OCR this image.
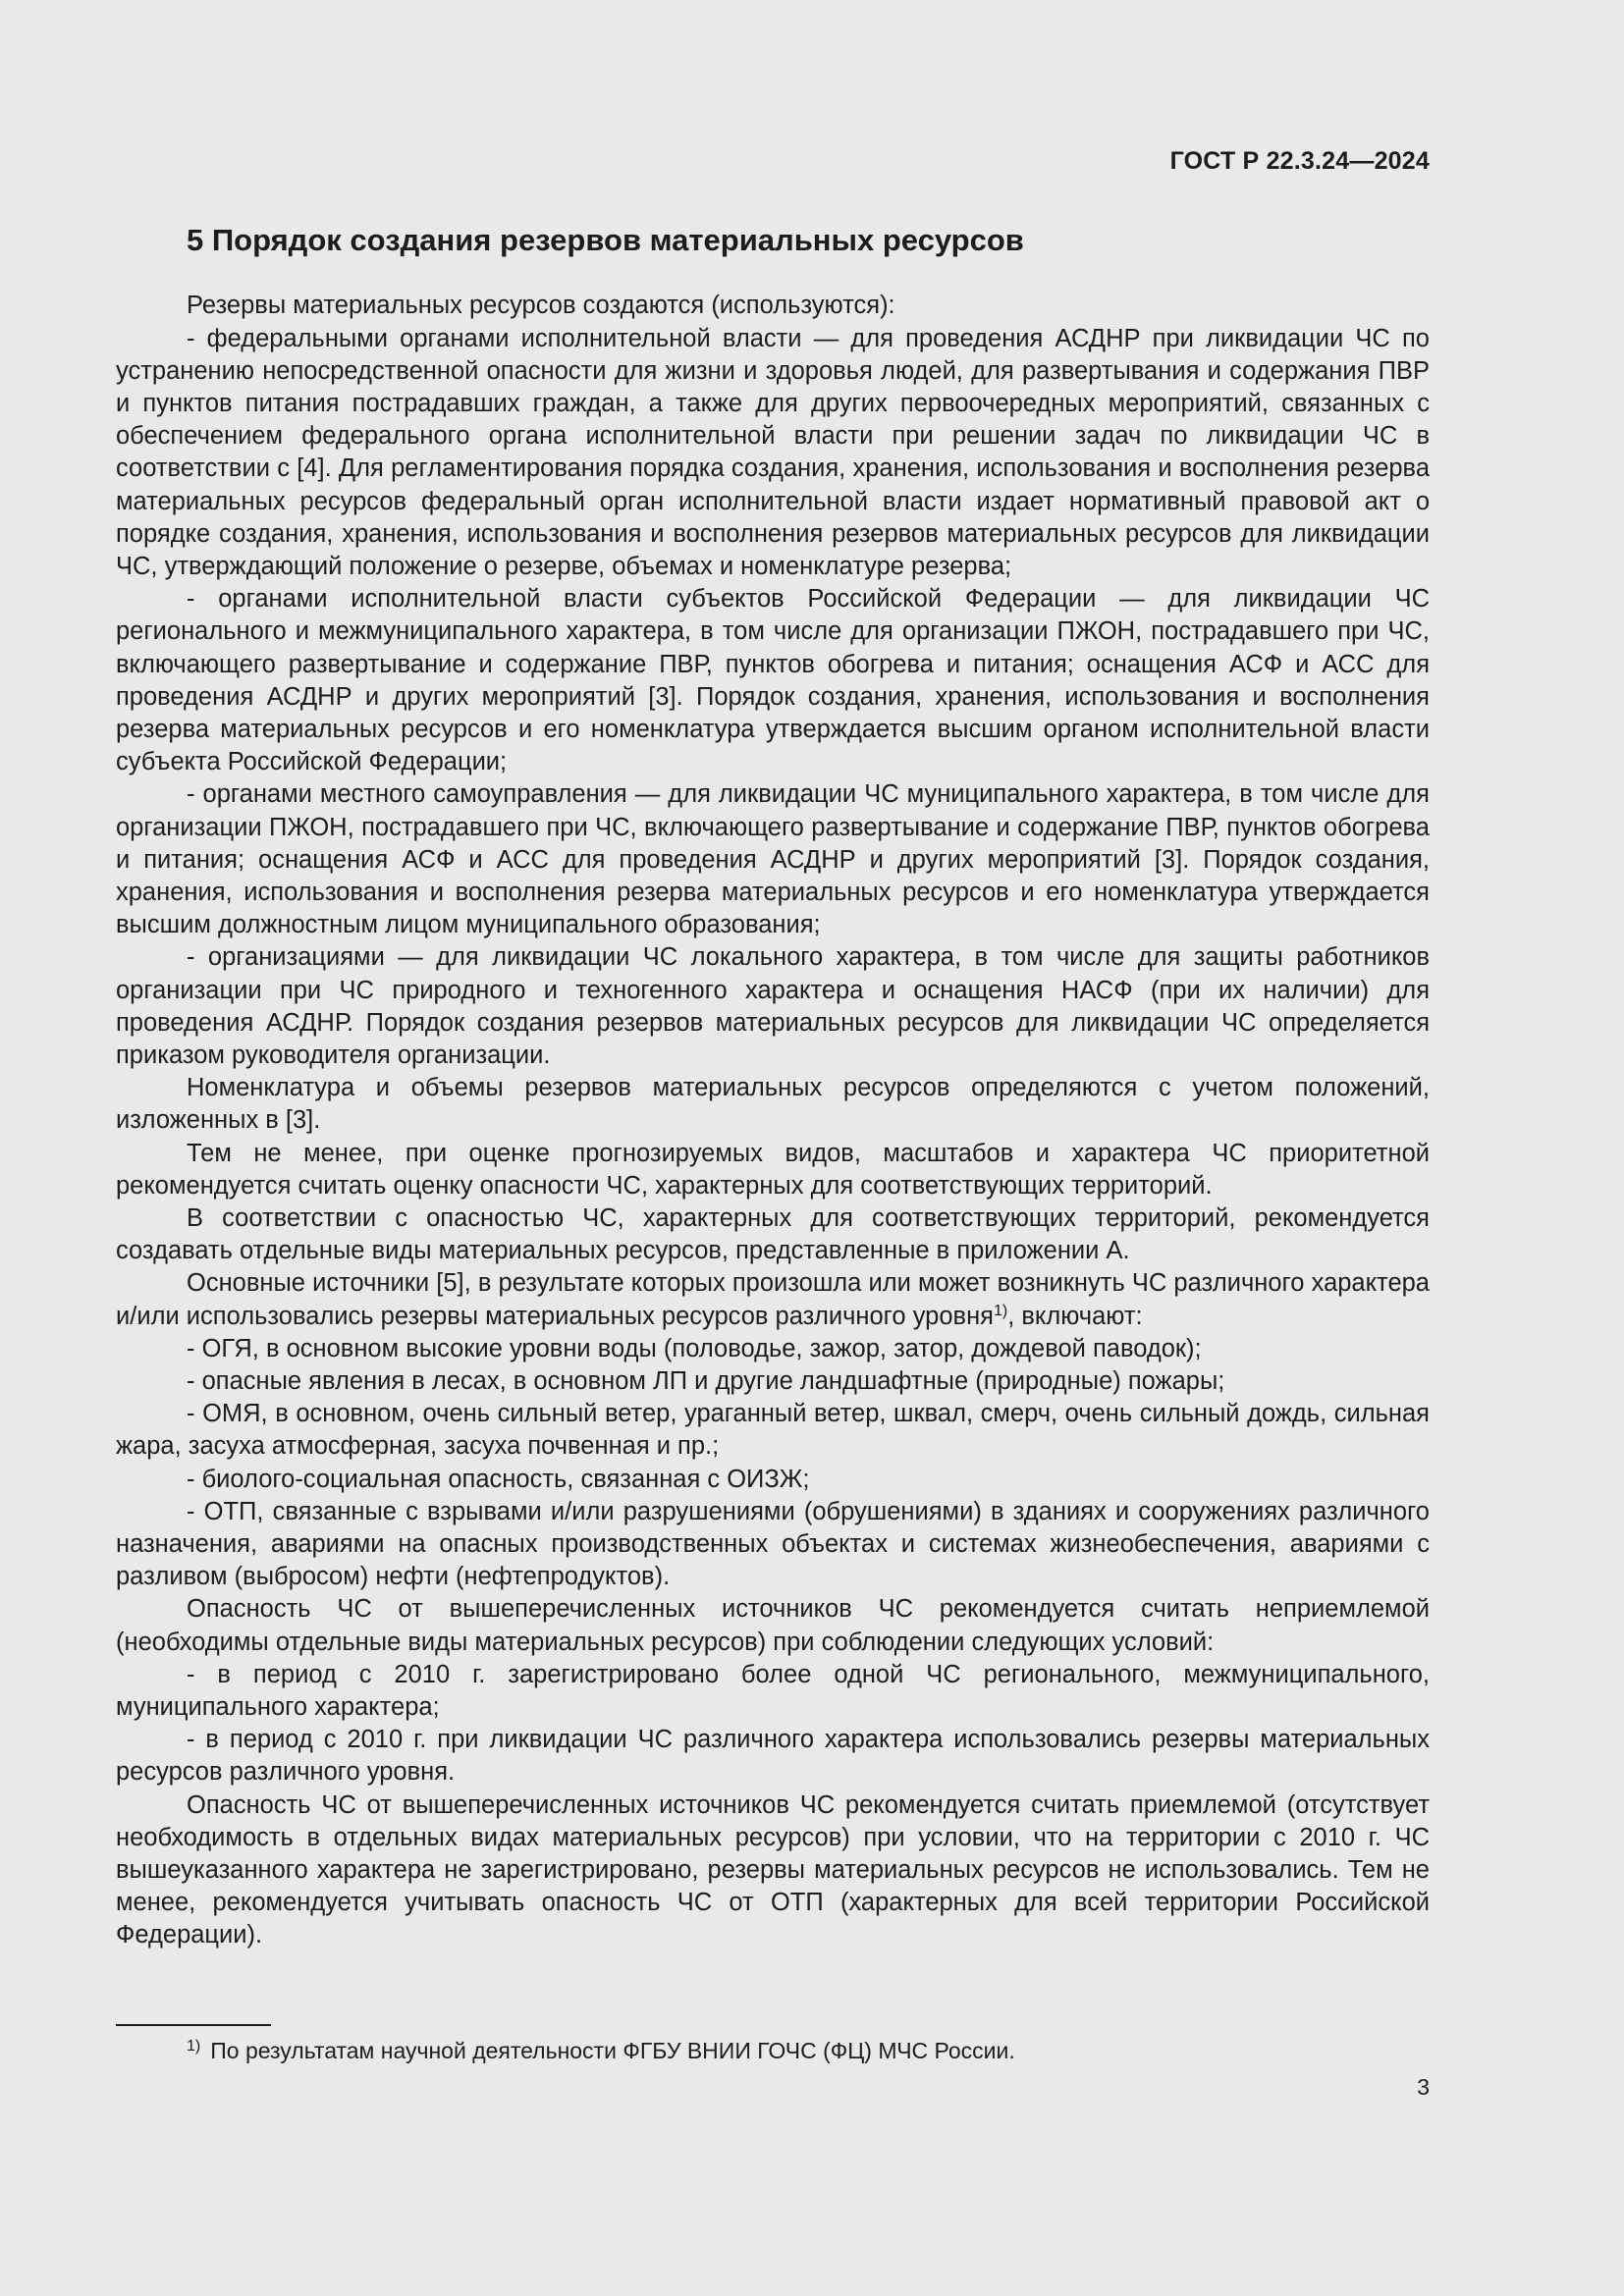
ГОСТ Р 22.3.24—2024
5 Порядок создания резервов материальных ресурсов

Резервы материальных ресурсов создаются (используются):

- федеральными органами исполнительной власти — для проведения АСДНР при ликвидации ЧС по устранению непосредственной опасности для жизни и здоровья людей, для развертывания и содержания ПВР и пунктов питания пострадавших граждан, а также для других первоочередных мероприятий, связанных с обеспечением федерального органа исполнительной власти при решении задач по ликвидации ЧС в соответствии с [4]. Для регламентирования порядка создания, хранения, использования и восполнения резерва материальных ресурсов федеральный орган исполнительной власти издает нормативный правовой акт о порядке создания, хранения, использования и восполнения резервов материальных ресурсов для ликвидации ЧС, утверждающий положение о резерве, объемах и номенклатуре резерва;

- органами исполнительной власти субъектов Российской Федерации — для ликвидации ЧС регионального и межмуниципального характера, в том числе для организации ПЖОН, пострадавшего при ЧС, включающего развертывание и содержание ПВР, пунктов обогрева и питания; оснащения АСФ и АСС для проведения АСДНР и других мероприятий [3]. Порядок создания, хранения, использования и восполнения резерва материальных ресурсов и его номенклатура утверждается высшим органом исполнительной власти субъекта Российской Федерации;

- органами местного самоуправления — для ликвидации ЧС муниципального характера, в том числе для организации ПЖОН, пострадавшего при ЧС, включающего развертывание и содержание ПВР, пунктов обогрева и питания; оснащения АСФ и АСС для проведения АСДНР и других мероприятий [3]. Порядок создания, хранения, использования и восполнения резерва материальных ресурсов и его номенклатура утверждается высшим должностным лицом муниципального образования;

- организациями — для ликвидации ЧС локального характера, в том числе для защиты работников организации при ЧС природного и техногенного характера и оснащения НАСФ (при их наличии) для проведения АСДНР. Порядок создания резервов материальных ресурсов для ликвидации ЧС определяется приказом руководителя организации.

Номенклатура и объемы резервов материальных ресурсов определяются с учетом положений, изложенных в [3].

Тем не менее, при оценке прогнозируемых видов, масштабов и характера ЧС приоритетной рекомендуется считать оценку опасности ЧС, характерных для соответствующих территорий.

В соответствии с опасностью ЧС, характерных для соответствующих территорий, рекомендуется создавать отдельные виды материальных ресурсов, представленные в приложении А.

Основные источники [5], в результате которых произошла или может возникнуть ЧС различного характера и/или использовались резервы материальных ресурсов различного уровня$^{1)}$, включают:

- ОГЯ, в основном высокие уровни воды (половодье, зажор, затор, дождевой паводок);

- опасные явления в лесах, в основном ЛП и другие ландшафтные (природные) пожары;

- ОМЯ, в основном, очень сильный ветер, ураганный ветер, шквал, смерч, очень сильный дождь, сильная жара, засуха атмосферная, засуха почвенная и пр.;

- биолого-социальная опасность, связанная с ОИЗЖ;

- ОТП, связанные с взрывами и/или разрушениями (обрушениями) в зданиях и сооружениях различного назначения, авариями на опасных производственных объектах и системах жизнеобеспечения, авариями с разливом (выбросом) нефти (нефтепродуктов).

Опасность ЧС от вышеперечисленных источников ЧС рекомендуется считать неприемлемой (необходимы отдельные виды материальных ресурсов) при соблюдении следующих условий:

- в период с 2010 г. зарегистрировано более одной ЧС регионального, межмуниципального, муниципального характера;

- в период с 2010 г. при ликвидации ЧС различного характера использовались резервы материальных ресурсов различного уровня.

Опасность ЧС от вышеперечисленных источников ЧС рекомендуется считать приемлемой (отсутствует необходимость в отдельных видах материальных ресурсов) при условии, что на территории с 2010 г. ЧС вышеуказанного характера не зарегистрировано, резервы материальных ресурсов не использовались. Тем не менее, рекомендуется учитывать опасность ЧС от ОТП (характерных для всей территории Российской Федерации).

$^{1)}$ По результатам научной деятельности ФГБУ ВНИИ ГОЧС (ФЦ) МЧС России.
3
